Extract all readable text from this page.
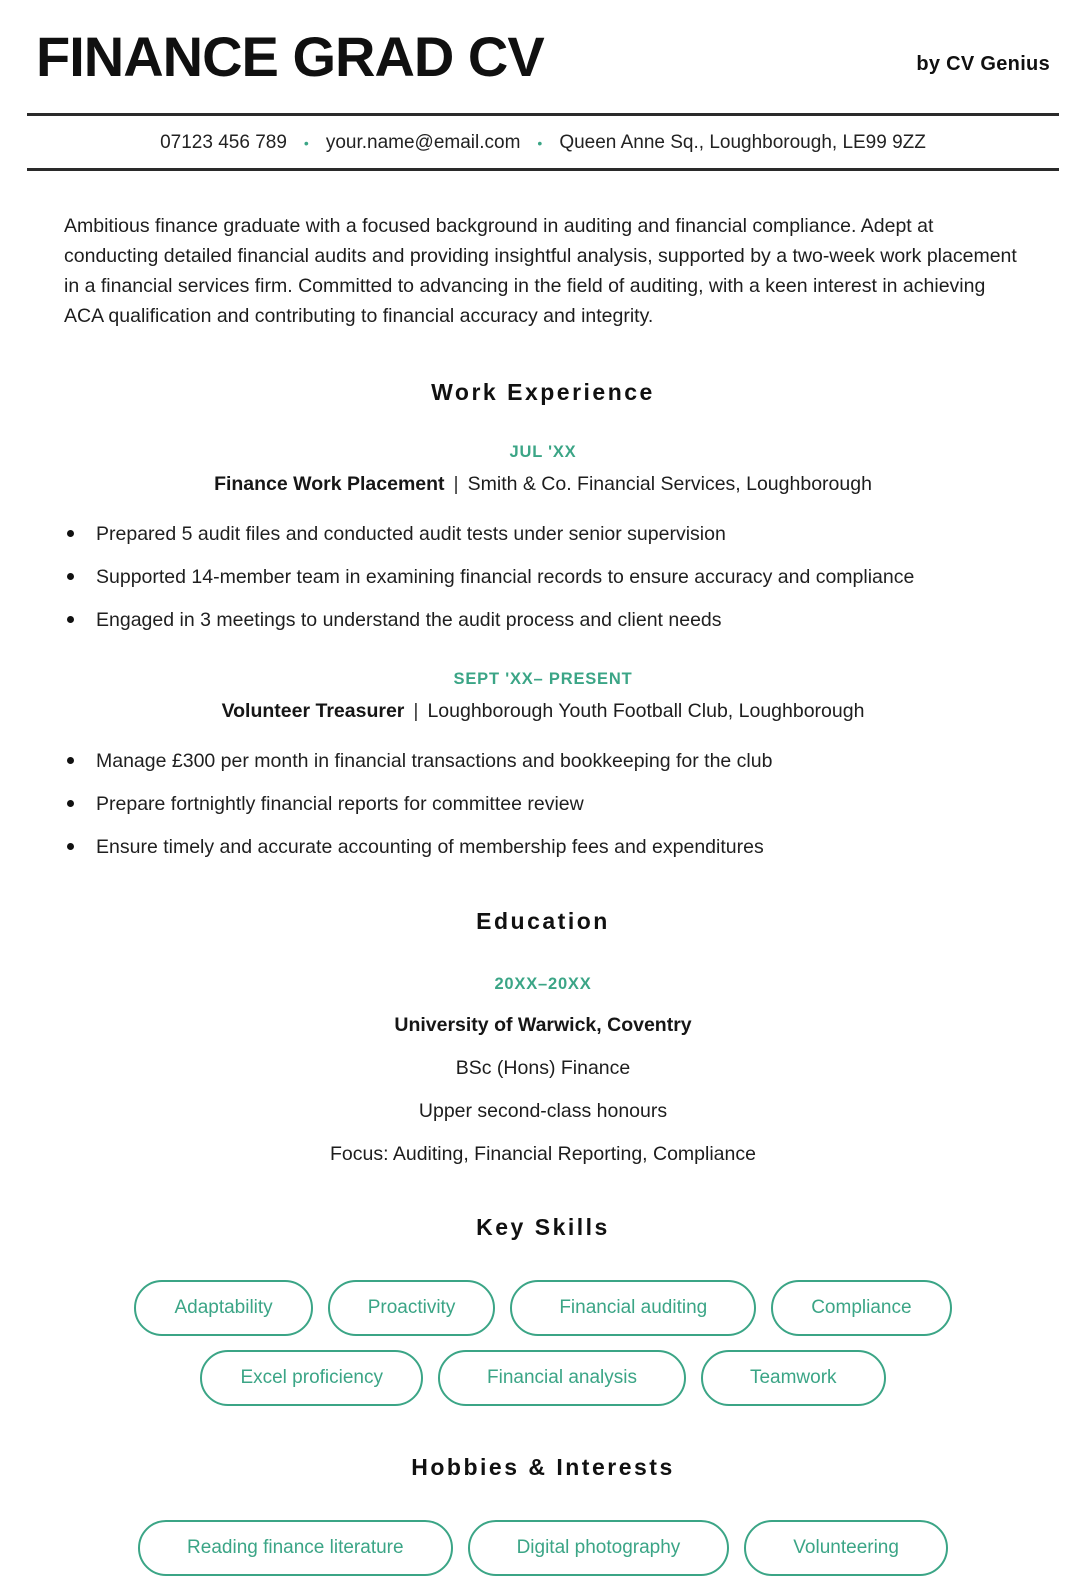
FINANCE GRAD CV	by CV Genius
07123 456 789 • your.name@email.com • Queen Anne Sq., Loughborough, LE99 9ZZ

Ambitious finance graduate with a focused background in auditing and financial compliance. Adept at conducting detailed financial audits and providing insightful analysis, supported by a two-week work placement in a financial services firm. Committed to advancing in the field of auditing, with a keen interest in achieving ACA qualification and contributing to financial accuracy and integrity.

Work Experience
JUL 'XX
Finance Work Placement | Smith & Co. Financial Services, Loughborough
Prepared 5 audit files and conducted audit tests under senior supervision
Supported 14-member team in examining financial records to ensure accuracy and compliance
Engaged in 3 meetings to understand the audit process and client needs
SEPT 'XX– PRESENT
Volunteer Treasurer | Loughborough Youth Football Club, Loughborough
Manage £300 per month in financial transactions and bookkeeping for the club
Prepare fortnightly financial reports for committee review
Ensure timely and accurate accounting of membership fees and expenditures
Education
20XX–20XX
University of Warwick, Coventry
BSc (Hons) Finance
Upper second-class honours
Focus: Auditing, Financial Reporting, Compliance
Key Skills
Adaptability	Proactivity	Financial auditing	Compliance
Excel proficiency	Financial analysis	Teamwork
Hobbies & Interests
Reading finance literature	Digital photography	Volunteering
